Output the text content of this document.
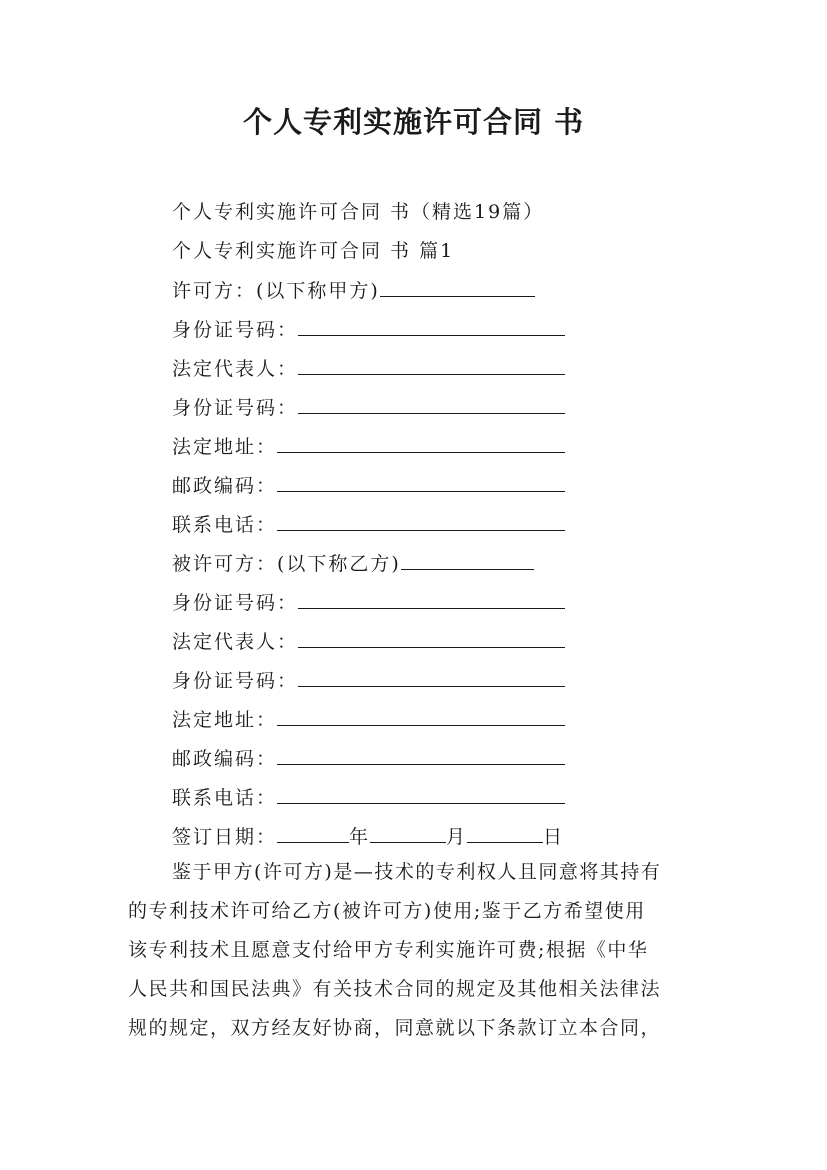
个人专利实施许可合同 书
个人专利实施许可合同 书（精选19篇）
个人专利实施许可合同 书 篇1
许可方：(以下称甲方)
身份证号码：
法定代表人：
身份证号码：
法定地址：
邮政编码：
联系电话：
被许可方：(以下称乙方)
身份证号码：
法定代表人：
身份证号码：
法定地址：
邮政编码：
联系电话：
签订日期：	年	月	日
鉴于甲方(许可方)是—技术的专利权人且同意将其持有
的专利技术许可给乙方(被许可方)使用;鉴于乙方希望使用
该专利技术且愿意支付给甲方专利实施许可费;根据《中华
人民共和国民法典》有关技术合同的规定及其他相关法律法
规的规定，双方经友好协商，同意就以下条款订立本合同，
